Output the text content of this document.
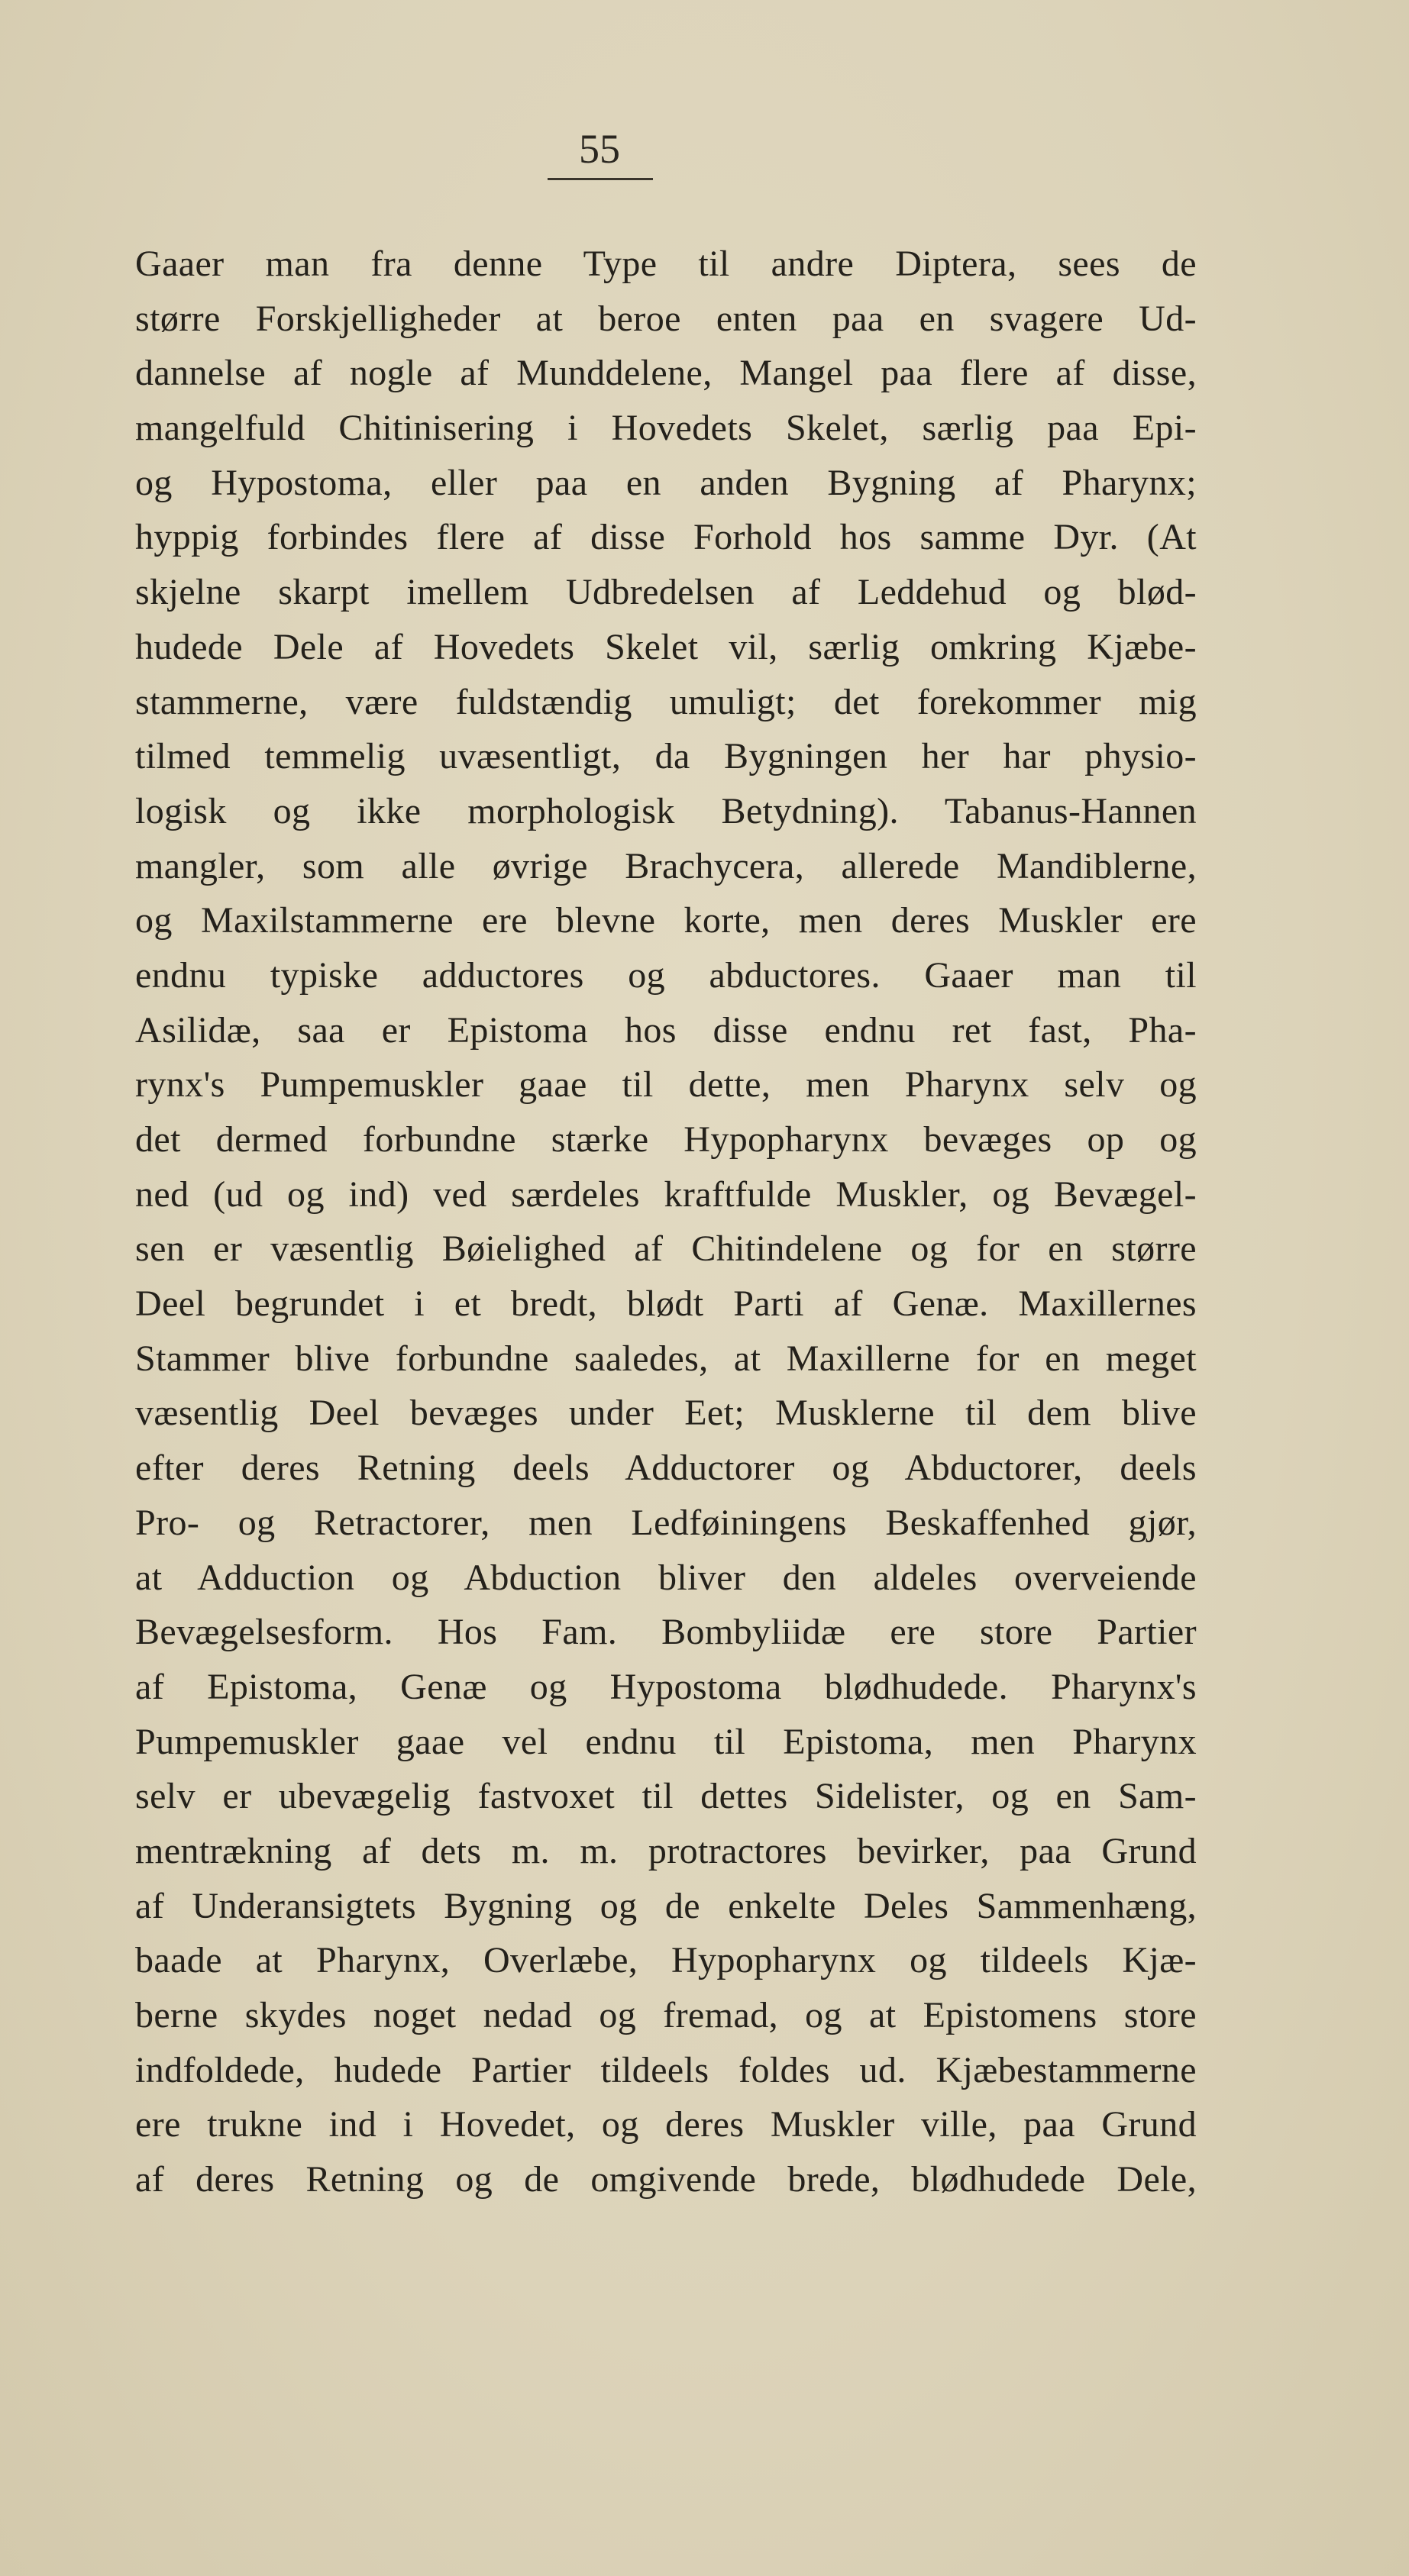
55
Gaaer man fra denne Type til andre Diptera, sees de
større Forskjelligheder at beroe enten paa en svagere Ud-
dannelse af nogle af Munddelene, Mangel paa flere af disse,
mangelfuld Chitinisering i Hovedets Skelet, særlig paa Epi-
og Hypostoma, eller paa en anden Bygning af Pharynx;
hyppig forbindes flere af disse Forhold hos samme Dyr. (At
skjelne skarpt imellem Udbredelsen af Leddehud og blød-
hudede Dele af Hovedets Skelet vil, særlig omkring Kjæbe-
stammerne, være fuldstændig umuligt; det forekommer mig
tilmed temmelig uvæsentligt, da Bygningen her har physio-
logisk og ikke morphologisk Betydning). Tabanus-Hannen
mangler, som alle øvrige Brachycera, allerede Mandiblerne,
og Maxilstammerne ere blevne korte, men deres Muskler ere
endnu typiske adductores og abductores. Gaaer man til
Asilidæ, saa er Epistoma hos disse endnu ret fast, Pha-
rynx's Pumpemuskler gaae til dette, men Pharynx selv og
det dermed forbundne stærke Hypopharynx bevæges op og
ned (ud og ind) ved særdeles kraftfulde Muskler, og Bevægel-
sen er væsentlig Bøielighed af Chitindelene og for en større
Deel begrundet i et bredt, blødt Parti af Genæ. Maxillernes
Stammer blive forbundne saaledes, at Maxillerne for en meget
væsentlig Deel bevæges under Eet; Musklerne til dem blive
efter deres Retning deels Adductorer og Abductorer, deels
Pro- og Retractorer, men Ledføiningens Beskaffenhed gjør,
at Adduction og Abduction bliver den aldeles overveiende
Bevægelsesform. Hos Fam. Bombyliidæ ere store Partier
af Epistoma, Genæ og Hypostoma blødhudede. Pharynx's
Pumpemuskler gaae vel endnu til Epistoma, men Pharynx
selv er ubevægelig fastvoxet til dettes Sidelister, og en Sam-
mentrækning af dets m. m. protractores bevirker, paa Grund
af Underansigtets Bygning og de enkelte Deles Sammenhæng,
baade at Pharynx, Overlæbe, Hypopharynx og tildeels Kjæ-
berne skydes noget nedad og fremad, og at Epistomens store
indfoldede, hudede Partier tildeels foldes ud. Kjæbestammerne
ere trukne ind i Hovedet, og deres Muskler ville, paa Grund
af deres Retning og de omgivende brede, blødhudede Dele,
